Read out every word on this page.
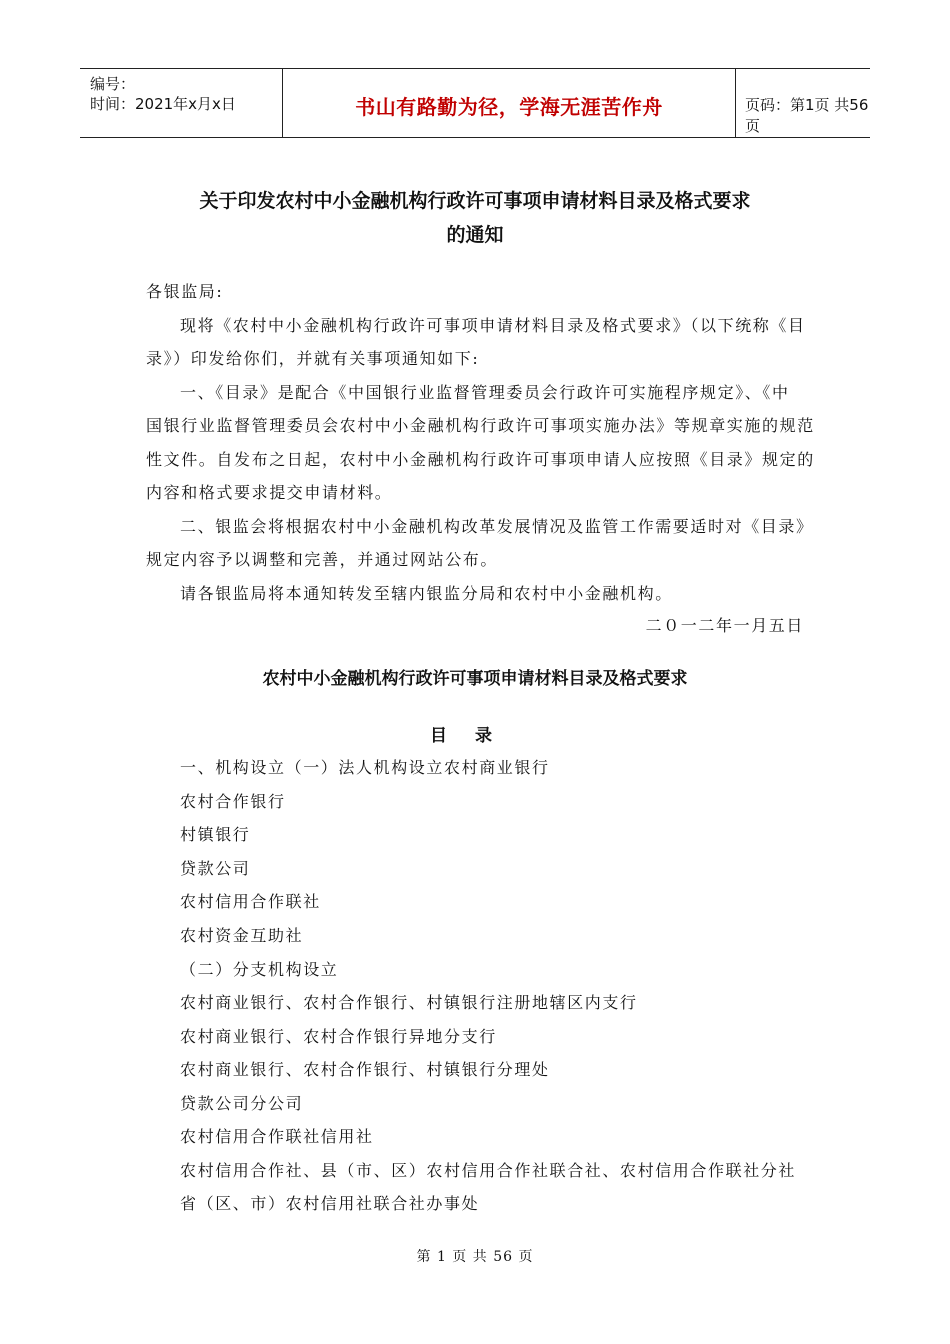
编号：
时间：2021年x月x日	书山有路勤为径，学海无涯苦作舟	页码：第1页 共56页
关于印发农村中小金融机构行政许可事项申请材料目录及格式要求
的通知
各银监局:
现将《农村中小金融机构行政许可事项申请材料目录及格式要求》（以下统称《目
录》）印发给你们，并就有关事项通知如下:
一、《目录》是配合《中国银行业监督管理委员会行政许可实施程序规定》、《中
国银行业监督管理委员会农村中小金融机构行政许可事项实施办法》等规章实施的规范
性文件。自发布之日起，农村中小金融机构行政许可事项申请人应按照《目录》规定的
内容和格式要求提交申请材料。
二、银监会将根据农村中小金融机构改革发展情况及监管工作需要适时对《目录》
规定内容予以调整和完善，并通过网站公布。
请各银监局将本通知转发至辖内银监分局和农村中小金融机构。
二０一二年一月五日
农村中小金融机构行政许可事项申请材料目录及格式要求
目录
一、机构设立（一）法人机构设立农村商业银行
农村合作银行
村镇银行
贷款公司
农村信用合作联社
农村资金互助社
（二）分支机构设立
农村商业银行、农村合作银行、村镇银行注册地辖区内支行
农村商业银行、农村合作银行异地分支行
农村商业银行、农村合作银行、村镇银行分理处
贷款公司分公司
农村信用合作联社信用社
农村信用合作社、县（市、区）农村信用合作社联合社、农村信用合作联社分社
省（区、市）农村信用社联合社办事处
第 1 页 共 56 页
